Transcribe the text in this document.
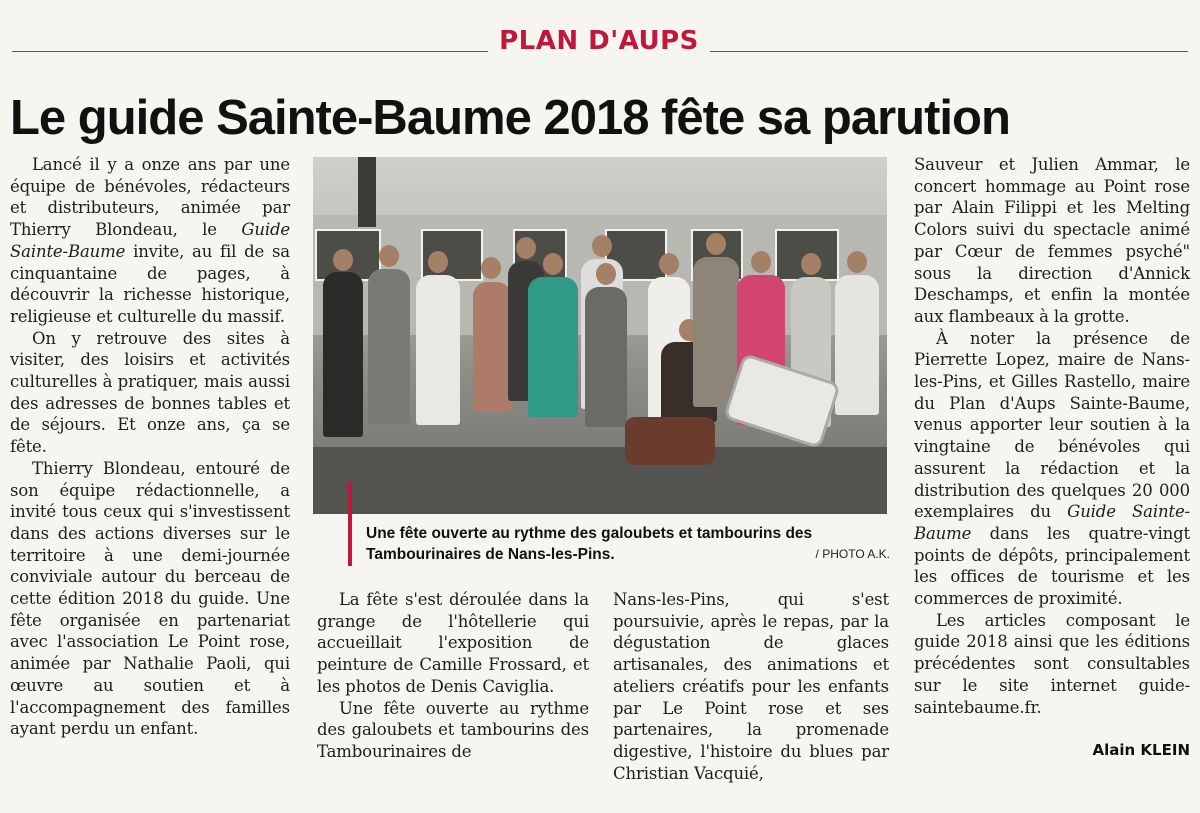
PLAN D'AUPS
Le guide Sainte-Baume 2018 fête sa parution

Lancé il y a onze ans par une équipe de bénévoles, rédacteurs et distributeurs, animée par Thierry Blondeau, le Guide Sainte-Baume invite, au fil de sa cinquantaine de pages, à découvrir la richesse historique, religieuse et culturelle du massif.

On y retrouve des sites à visiter, des loisirs et activités culturelles à pratiquer, mais aussi des adresses de bonnes tables et de séjours. Et onze ans, ça se fête.

Thierry Blondeau, entouré de son équipe rédactionnelle, a invité tous ceux qui s'investissent dans des actions diverses sur le territoire à une demi-journée conviviale autour du berceau de cette édition 2018 du guide. Une fête organisée en partenariat avec l'association Le Point rose, animée par Nathalie Paoli, qui œuvre au soutien et à l'accompagnement des familles ayant perdu un enfant.

Une fête ouverte au rythme des galoubets et tambourins des Tambourinaires de Nans-les-Pins.	/ PHOTO A.K.

La fête s'est déroulée dans la grange de l'hôtellerie qui accueillait l'exposition de peinture de Camille Frossard, et les photos de Denis Caviglia.

Une fête ouverte au rythme des galoubets et tambourins des Tambourinaires de

Nans-les-Pins, qui s'est poursuivie, après le repas, par la dégustation de glaces artisanales, des animations et ateliers créatifs pour les enfants par Le Point rose et ses partenaires, la promenade digestive, l'histoire du blues par Christian Vacquié,

Sauveur et Julien Ammar, le concert hommage au Point rose par Alain Filippi et les Melting Colors suivi du spectacle animé par Cœur de femmes psyché" sous la direction d'Annick Deschamps, et enfin la montée aux flambeaux à la grotte.

À noter la présence de Pierrette Lopez, maire de Nans-les-Pins, et Gilles Rastello, maire du Plan d'Aups Sainte-Baume, venus apporter leur soutien à la vingtaine de bénévoles qui assurent la rédaction et la distribution des quelques 20 000 exemplaires du Guide Sainte-Baume dans les quatre-vingt points de dépôts, principalement les offices de tourisme et les commerces de proximité.

Les articles composant le guide 2018 ainsi que les éditions précédentes sont consultables sur le site internet guide-saintebaume.fr.

Alain KLEIN
